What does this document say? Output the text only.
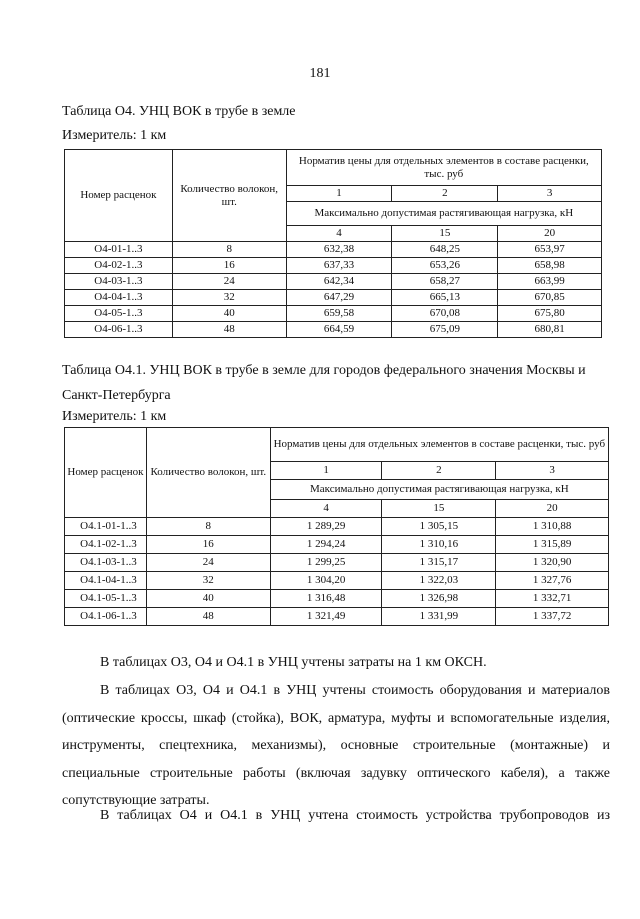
181
Таблица О4. УНЦ ВОК в трубе в земле
Измеритель: 1 км
Номер расценок	Количество волокон, шт.	Норматив цены для отдельных элементов в составе расценки, тыс. руб		
		1	2	3
		Максимально допустимая растягивающая нагрузка, кН		
		4	15	20
О4-01-1..3	8	632,38	648,25	653,97
О4-02-1..3	16	637,33	653,26	658,98
О4-03-1..3	24	642,34	658,27	663,99
О4-04-1..3	32	647,29	665,13	670,85
О4-05-1..3	40	659,58	670,08	675,80
О4-06-1..3	48	664,59	675,09	680,81
Таблица О4.1. УНЦ ВОК в трубе в земле для городов федерального значения Москвы и Санкт-Петербурга
Измеритель: 1 км
Номер расценок	Количество волокон, шт.	Норматив цены для отдельных элементов в составе расценки, тыс. руб		
		1	2	3
		Максимально допустимая растягивающая нагрузка, кН		
		4	15	20
О4.1-01-1..3	8	1 289,29	1 305,15	1 310,88
О4.1-02-1..3	16	1 294,24	1 310,16	1 315,89
О4.1-03-1..3	24	1 299,25	1 315,17	1 320,90
О4.1-04-1..3	32	1 304,20	1 322,03	1 327,76
О4.1-05-1..3	40	1 316,48	1 326,98	1 332,71
О4.1-06-1..3	48	1 321,49	1 331,99	1 337,72

В таблицах О3, О4 и О4.1 в УНЦ учтены затраты на 1 км ОКСН.

В таблицах О3, О4 и О4.1 в УНЦ учтены стоимость оборудования и материалов (оптические кроссы, шкаф (стойка), ВОК, арматура, муфты и вспомогательные изделия, инструменты, спецтехника, механизмы), основные строительные (монтажные) и специальные строительные работы (включая задувку оптического кабеля), а также сопутствующие затраты.

В таблицах О4 и О4.1 в УНЦ учтена стоимость устройства трубопроводов из
